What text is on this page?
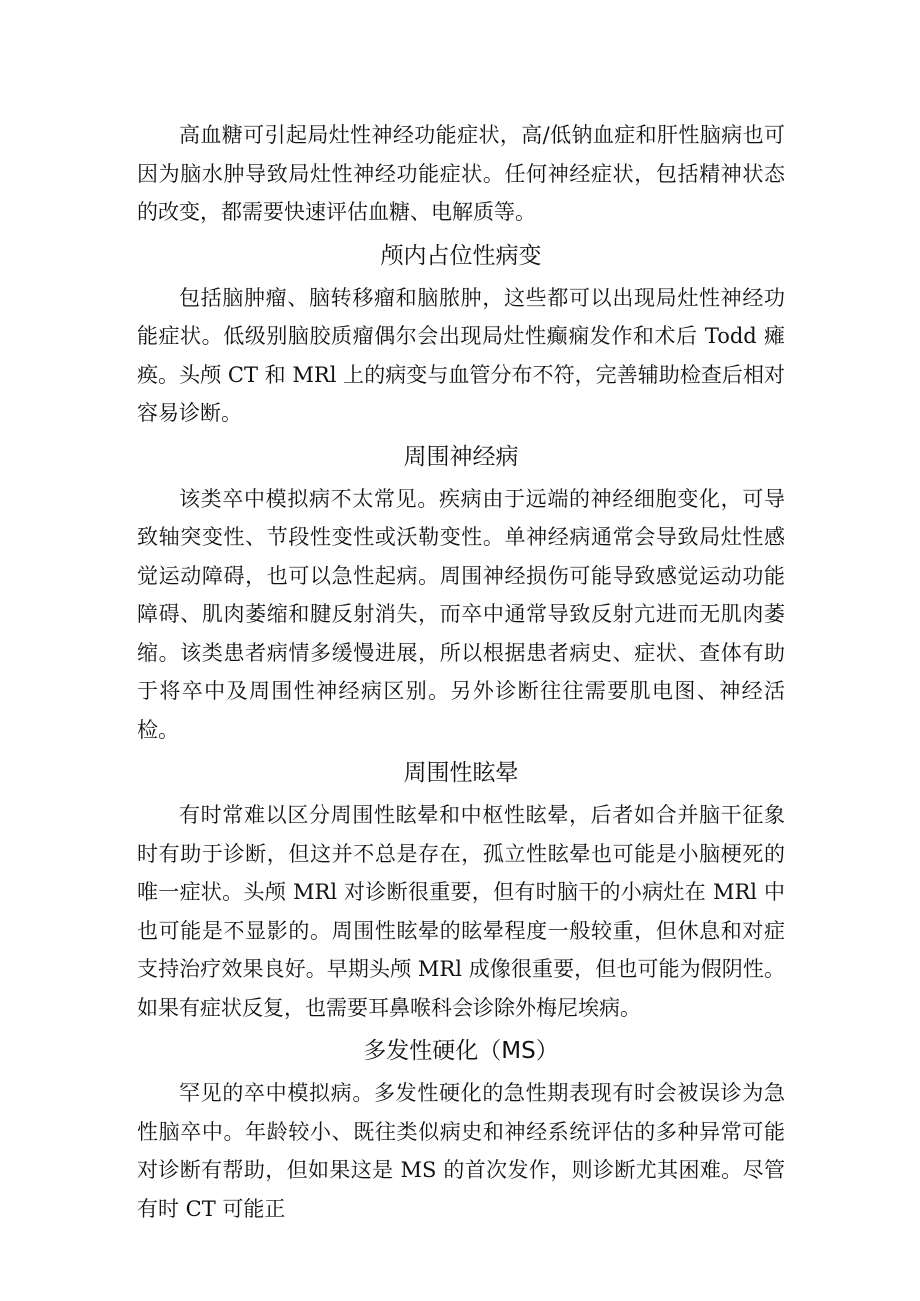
高血糖可引起局灶性神经功能症状，高/低钠血症和肝性脑病也可因为脑水肿导致局灶性神经功能症状。任何神经症状，包括精神状态的改变，都需要快速评估血糖、电解质等。

颅内占位性病变

包括脑肿瘤、脑转移瘤和脑脓肿，这些都可以出现局灶性神经功能症状。低级别脑胶质瘤偶尔会出现局灶性癫痫发作和术后 Todd 瘫痪。头颅 CT 和 MRl 上的病变与血管分布不符，完善辅助检查后相对容易诊断。

周围神经病

该类卒中模拟病不太常见。疾病由于远端的神经细胞变化，可导致轴突变性、节段性变性或沃勒变性。单神经病通常会导致局灶性感觉运动障碍，也可以急性起病。周围神经损伤可能导致感觉运动功能障碍、肌肉萎缩和腱反射消失，而卒中通常导致反射亢进而无肌肉萎缩。该类患者病情多缓慢进展，所以根据患者病史、症状、查体有助于将卒中及周围性神经病区别。另外诊断往往需要肌电图、神经活检。

周围性眩晕

有时常难以区分周围性眩晕和中枢性眩晕，后者如合并脑干征象时有助于诊断，但这并不总是存在，孤立性眩晕也可能是小脑梗死的唯一症状。头颅 MRl 对诊断很重要，但有时脑干的小病灶在 MRl 中也可能是不显影的。周围性眩晕的眩晕程度一般较重，但休息和对症支持治疗效果良好。早期头颅 MRl 成像很重要，但也可能为假阴性。如果有症状反复，也需要耳鼻喉科会诊除外梅尼埃病。

多发性硬化（MS）

罕见的卒中模拟病。多发性硬化的急性期表现有时会被误诊为急性脑卒中。年龄较小、既往类似病史和神经系统评估的多种异常可能对诊断有帮助，但如果这是 MS 的首次发作，则诊断尤其困难。尽管有时 CT 可能正
